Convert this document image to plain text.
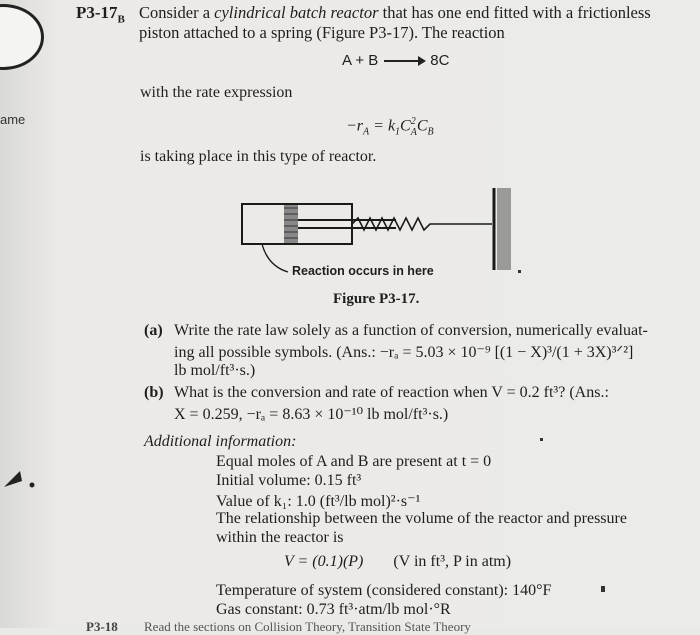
ame
$P3-17_B$ Consider a cylindrical batch reactor that has one end fitted with a frictionless
piston attached to a spring (Figure P3-17). The reaction
A + B → 8C
with the rate expression
$-r_A = k_1C^2_AC_B$
is taking place in this type of reactor.
Reaction occurs in here
Figure P3-17.
(a) Write the rate law solely as a function of conversion, numerically evaluat-
ing all possible symbols. (Ans.: −rₐ = 5.03 × 10⁻⁹ [(1 − X)³/(1 + 3X)³ᐟ²]
lb mol/ft³·s.)
(b) What is the conversion and rate of reaction when V = 0.2 ft³? (Ans.:
X = 0.259, −rₐ = 8.63 × 10⁻¹⁰ lb mol/ft³·s.)
Additional information:
Equal moles of A and B are present at t = 0
Initial volume: 0.15 ft³
Value of k₁: 1.0 (ft³/lb mol)²·s⁻¹
The relationship between the volume of the reactor and pressure
within the reactor is
V = (0.1)(P) (V in ft³, P in atm)
Temperature of system (considered constant): 140°F
Gas constant: 0.73 ft³·atm/lb mol·°R
P3-18 Read the sections on Collision Theory, Transition State Theory
